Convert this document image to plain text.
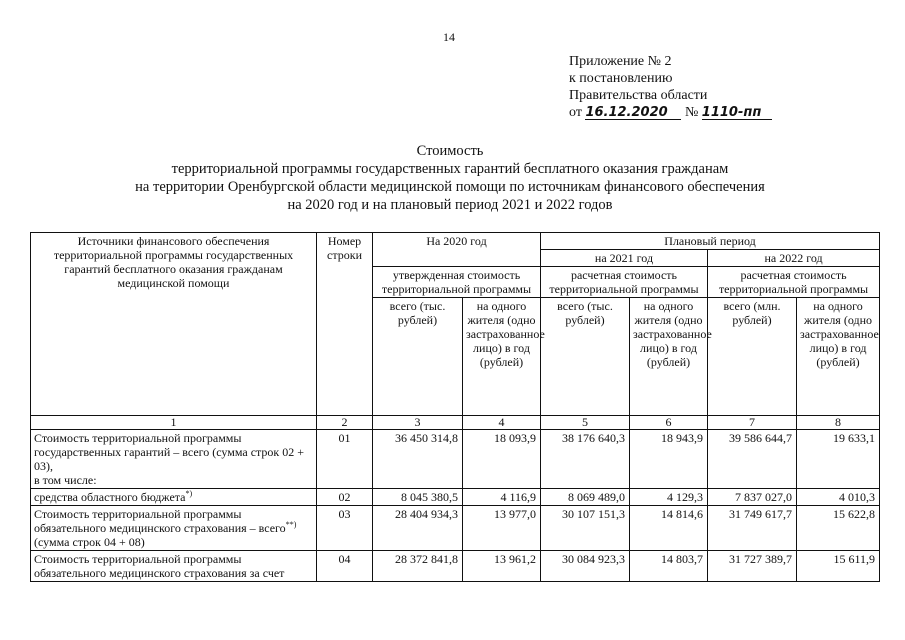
14
Приложение № 2
к постановлению
Правительства области
от 16.12.2020 № 1110-пп
Стоимость
территориальной программы государственных гарантий бесплатного оказания гражданам
на территории Оренбургской области медицинской помощи по источникам финансового обеспечения
на 2020 год и на плановый период 2021 и 2022 годов
Источники финансового обеспечения территориальной программы государственных гарантий бесплатного оказания гражданам медицинской помощи	Номер строки	На 2020 год		Плановый период			
				на 2021 год		на 2022 год	
		утвержденная стоимость территориальной программы		расчетная стоимость территориальной программы		расчетная стоимость территориальной программы	
		всего (тыс. рублей)	на одного жителя (одно застрахованное лицо) в год (рублей)	всего (тыс. рублей)	на одного жителя (одно застрахованное лицо) в год (рублей)	всего (млн. рублей)	на одного жителя (одно застрахованное лицо) в год (рублей)
1	2	3	4	5	6	7	8

Стоимость территориальной программы государственных гарантий – всего (сумма строк 02 + 03),
в том числе:	01	36 450 314,8	18 093,9	38 176 640,3	18 943,9	39 586 644,7	19 633,1
средства областного бюджета*)	02	8 045 380,5	4 116,9	8 069 489,0	4 129,3	7 837 027,0	4 010,3

Стоимость территориальной программы обязательного медицинского страхования – всего**)
(сумма строк 04 + 08)	03	28 404 934,3	13 977,0	30 107 151,3	14 814,6	31 749 617,7	15 622,8
Стоимость территориальной программы обязательного медицинского страхования за счет	04	28 372 841,8	13 961,2	30 084 923,3	14 803,7	31 727 389,7	15 611,9
